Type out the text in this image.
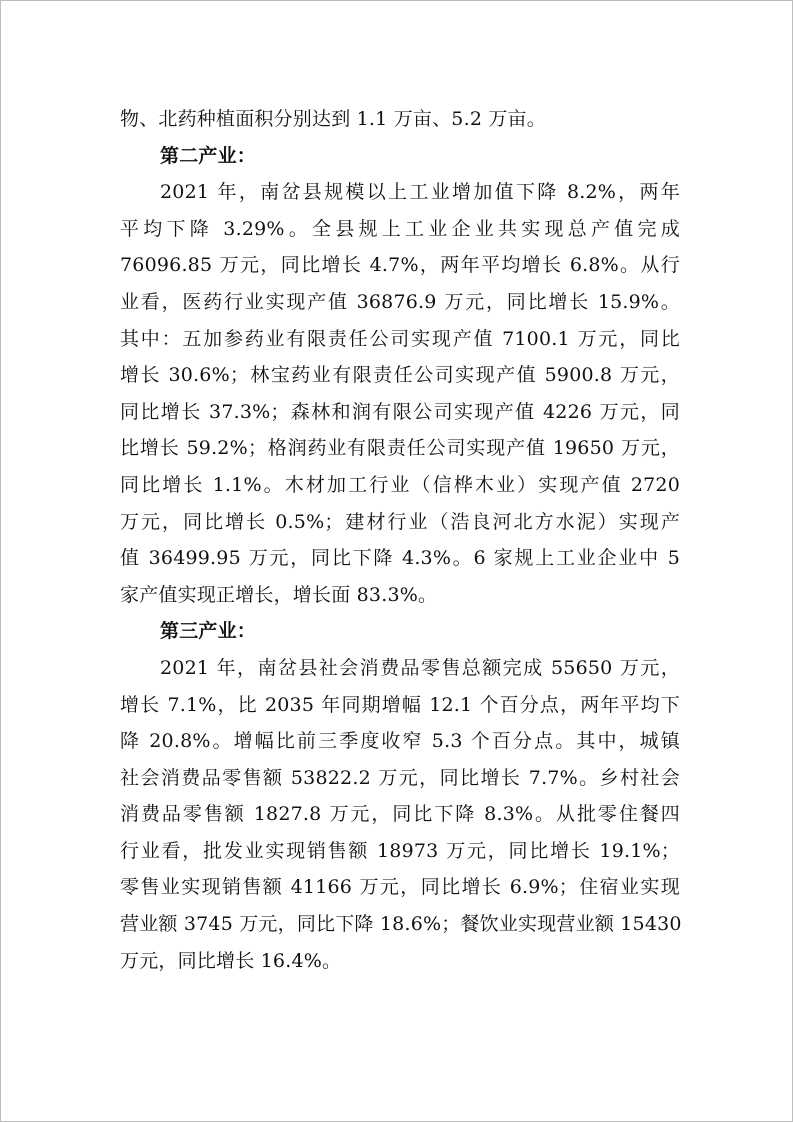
物、北药种植面积分别达到 1.1 万亩、5.2 万亩。
第二产业：
2021 年，南岔县规模以上工业增加值下降 8.2%，两年
平均下降 3.29%。全县规上工业企业共实现总产值完成
76096.85 万元，同比增长 4.7%，两年平均增长 6.8%。从行
业看，医药行业实现产值 36876.9 万元，同比增长 15.9%。
其中：五加参药业有限责任公司实现产值 7100.1 万元，同比
增长 30.6%；林宝药业有限责任公司实现产值 5900.8 万元，
同比增长 37.3%；森林和润有限公司实现产值 4226 万元，同
比增长 59.2%；格润药业有限责任公司实现产值 19650 万元，
同比增长 1.1%。木材加工行业（信桦木业）实现产值 2720
万元，同比增长 0.5%；建材行业（浩良河北方水泥）实现产
值 36499.95 万元，同比下降 4.3%。6 家规上工业企业中 5
家产值实现正增长，增长面 83.3%。
第三产业：
2021 年，南岔县社会消费品零售总额完成 55650 万元，
增长 7.1%，比 2035 年同期增幅 12.1 个百分点，两年平均下
降 20.8%。增幅比前三季度收窄 5.3 个百分点。其中，城镇
社会消费品零售额 53822.2 万元，同比增长 7.7%。乡村社会
消费品零售额 1827.8 万元，同比下降 8.3%。从批零住餐四
行业看，批发业实现销售额 18973 万元，同比增长 19.1%；
零售业实现销售额 41166 万元，同比增长 6.9%；住宿业实现
营业额 3745 万元，同比下降 18.6%；餐饮业实现营业额 15430
万元，同比增长 16.4%。
